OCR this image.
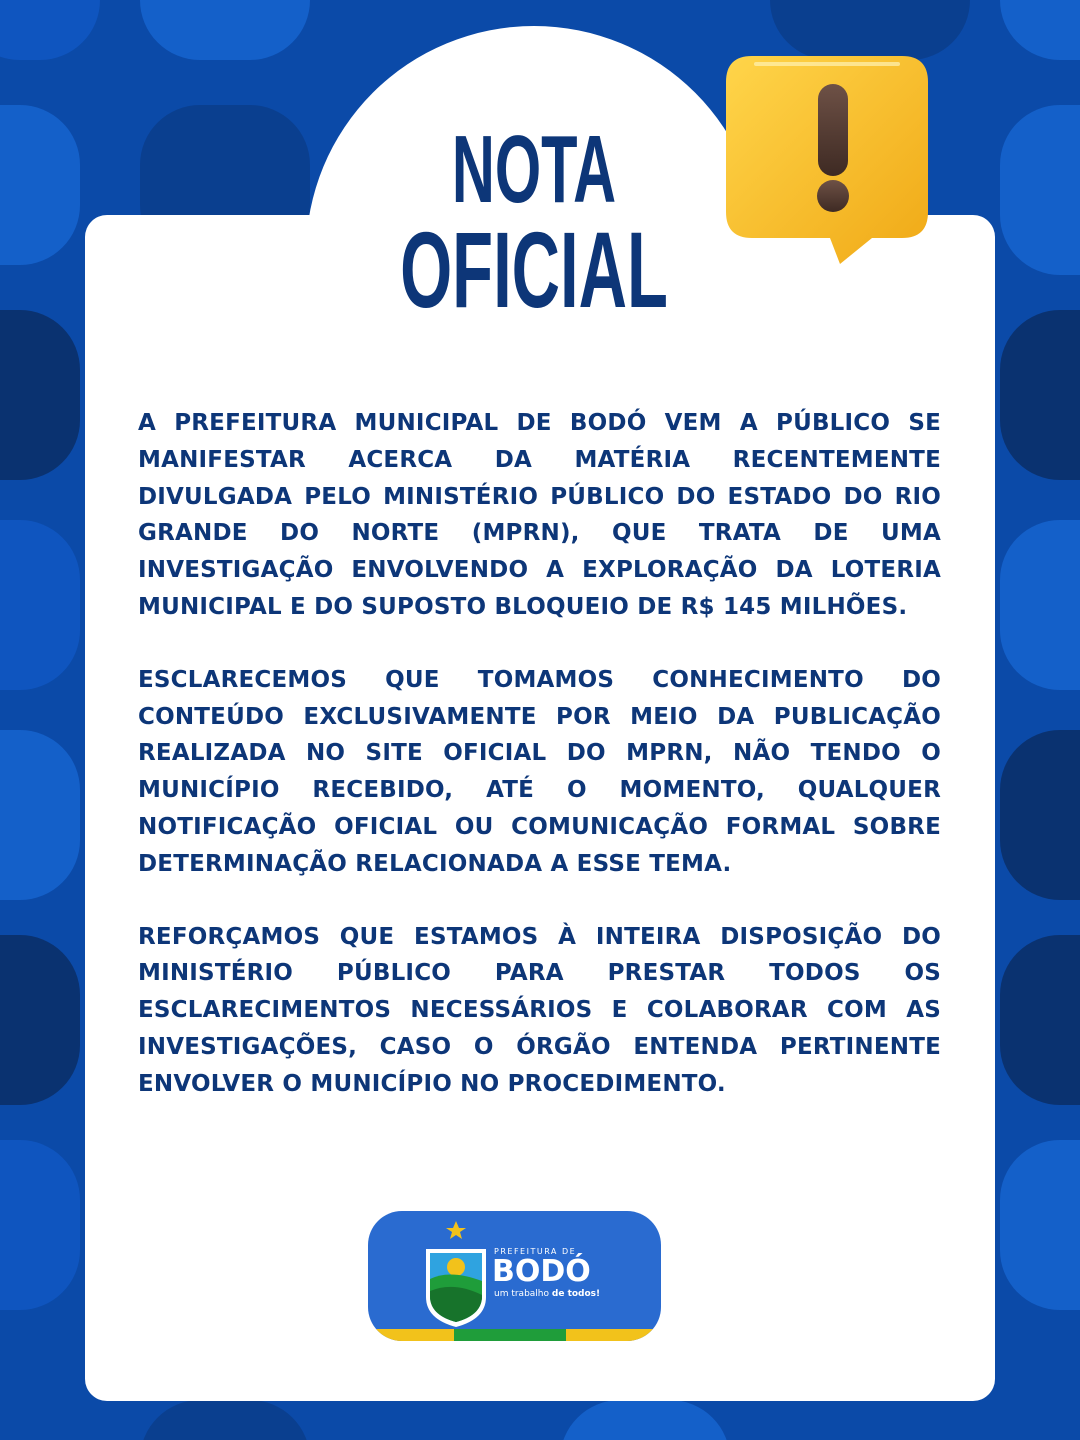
NOTA
OFICIAL

A PREFEITURA MUNICIPAL DE BODÓ VEM A PÚBLICO SE MANIFESTAR ACERCA DA MATÉRIA RECENTEMENTE DIVULGADA PELO MINISTÉRIO PÚBLICO DO ESTADO DO RIO GRANDE DO NORTE (MPRN), QUE TRATA DE UMA INVESTIGAÇÃO ENVOLVENDO A EXPLORAÇÃO DA LOTERIA MUNICIPAL E DO SUPOSTO BLOQUEIO DE R$ 145 MILHÕES.

ESCLARECEMOS QUE TOMAMOS CONHECIMENTO DO CONTEÚDO EXCLUSIVAMENTE POR MEIO DA PUBLICAÇÃO REALIZADA NO SITE OFICIAL DO MPRN, NÃO TENDO O MUNICÍPIO RECEBIDO, ATÉ O MOMENTO, QUALQUER NOTIFICAÇÃO OFICIAL OU COMUNICAÇÃO FORMAL SOBRE DETERMINAÇÃO RELACIONADA A ESSE TEMA.

REFORÇAMOS QUE ESTAMOS À INTEIRA DISPOSIÇÃO DO MINISTÉRIO PÚBLICO PARA PRESTAR TODOS OS ESCLARECIMENTOS NECESSÁRIOS E COLABORAR COM AS INVESTIGAÇÕES, CASO O ÓRGÃO ENTENDA PERTINENTE ENVOLVER O MUNICÍPIO NO PROCEDIMENTO.

PREFEITURA DE
BODÓ
um trabalho de todos!
